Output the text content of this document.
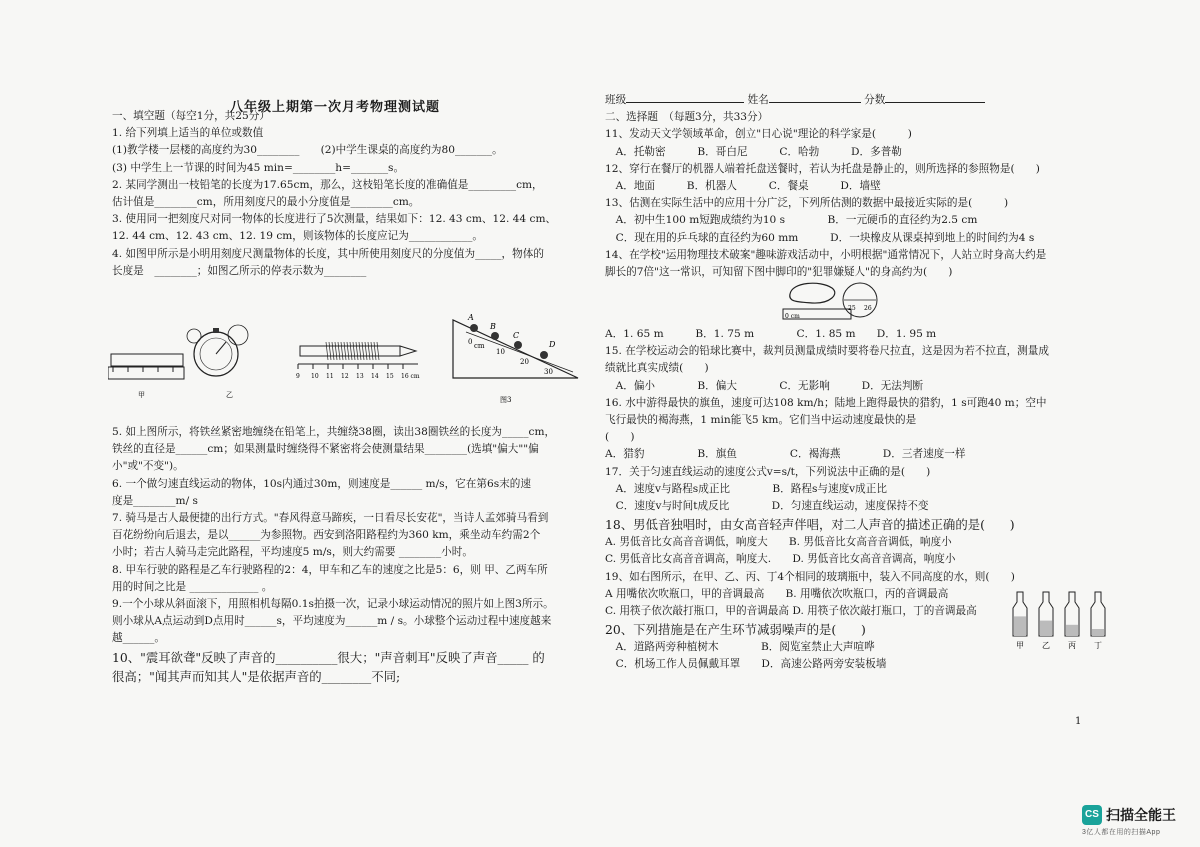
八年级上期第一次月考物理测试题
一、填空题（每空1分，共25分）
1. 给下列填上适当的单位或数值
(1)教学楼一层楼的高度约为30________　　(2)中学生课桌的高度约为80_______。
(3) 中学生上一节课的时间为45 min=________h=_______s。
2. 某同学测出一枝铅笔的长度为17.65cm，那么，这枝铅笔长度的准确值是_________cm，
估计值是________cm，所用刻度尺的最小分度值是________cm。
3. 使用同一把刻度尺对同一物体的长度进行了5次测量，结果如下：12. 43 cm、12. 44 cm、
12. 44 cm、12. 43 cm、12. 19 cm，则该物体的长度应记为____________。
4. 如图甲所示是小明用刻度尺测量物体的长度，其中所使用刻度尺的分度值为_____，物体的
长度是　________；如图乙所示的停表示数为________
甲	乙
9 10 11 12 13 14 15 16 cm
A
B
C
D
0 cm
10
20
30
图3
5. 如上图所示，将铁丝紧密地缠绕在铅笔上，共缠绕38圈，读出38圈铁丝的长度为_____cm，
铁丝的直径是______cm；如果测量时缠绕得不紧密将会使测量结果________(选填"偏大""偏
小"或"不变")。
6. 一个做匀速直线运动的物体，10s内通过30m，则速度是______ m/s，它在第6s末的速
度是________m/ s
7. 骑马是古人最便捷的出行方式。"春风得意马蹄疾，一日看尽长安花"，当诗人孟郊骑马看到
百花纷纷向后退去，是以______为参照物。西安到洛阳路程约为360 km，乘坐动车约需2个
小时；若古人骑马走完此路程，平均速度5 m/s，则大约需要 ________小时。
8. 甲车行驶的路程是乙车行驶路程的2：4，甲车和乙车的速度之比是5：6，则 甲、乙两车所
用的时间之比是 _____________ 。
9.一个小球从斜面滚下，用照相机每隔0.1s拍摄一次，记录小球运动情况的照片如上图3所示。
则小球从A点运动到D点用时______s，平均速度为______m / s。小球整个运动过程中速度越来
越______。
10、"震耳欲聋"反映了声音的__________很大；"声音刺耳"反映了声音_____ 的
很高；"闻其声而知其人"是依据声音的________不同;
班级	姓名	分数
二、选择题　（每题3分，共33分）
11、发动天文学领域革命，创立"日心说"理论的科学家是(　　　)
　A．托勒密　　　B．哥白尼　　　C．哈勃　　　D．多普勒
12、穿行在餐厅的机器人端着托盘送餐时，若认为托盘是静止的，则所选择的参照物是(　　)
　A．地面　　　B．机器人　　　C．餐桌　　　D．墙壁
13、估测在实际生活中的应用十分广泛，下列所估测的数据中最接近实际的是(　　　)
　A．初中生100 m短跑成绩约为10 s　　　　B．一元硬币的直径约为2.5 cm
　C．现在用的乒乓球的直径约为60 mm　　　D．一块橡皮从课桌掉到地上的时间约为4 s
14、在学校"运用物理技术破案"趣味游戏活动中，小明根据"通常情况下，人站立时身高大约是
脚长的7倍"这一常识，可知留下图中脚印的"犯罪嫌疑人"的身高约为(　　)
0 cm
25 26
A．1. 65 m　　　B．1. 75 m　　　　C．1. 85 m　　D．1. 95 m
15. 在学校运动会的铅球比赛中，裁判员测量成绩时要将卷尺拉直，这是因为若不拉直，测量成
绩就比真实成绩(　　)
　A．偏小　　　　B．偏大　　　　C．无影响　　　D．无法判断
16. 水中游得最快的旗鱼，速度可达108 km/h；陆地上跑得最快的猎豹，1 s可跑40 m；空中
飞行最快的褐海燕，1 min能飞5 km。它们当中运动速度最快的是
(　　)
A．猎豹　　　　　B．旗鱼　　　　　C．褐海燕　　　　D．三者速度一样
17．关于匀速直线运动的速度公式v=s/t，下列说法中正确的是(　　)
　A．速度v与路程s成正比　　　　B．路程s与速度v成正比
　C．速度v与时间t成反比　　　　D．匀速直线运动，速度保持不变
18、男低音独唱时，由女高音轻声伴唱，对二人声音的描述正确的是(　　)
A. 男低音比女高音音调低，响度大　　B. 男低音比女高音音调低，响度小
C. 男低音比女高音音调高，响度大.　　D. 男低音比女高音音调高，响度小
19、如右图所示，在甲、乙、丙、丁4个相同的玻璃瓶中，装入不同高度的水，则(　　)
A 用嘴依次吹瓶口，甲的音调最高　　B. 用嘴依次吹瓶口，丙的音调最高
C. 用筷子依次敲打瓶口，甲的音调最高 D. 用筷子依次敲打瓶口，丁的音调最高
20、下列措施是在产生环节减弱噪声的是(　　)
　A．道路两旁种植树木　　　　B．阅览室禁止大声喧哗
　C．机场工作人员佩戴耳罩　　D．高速公路两旁安装板墙
甲 乙 丙 丁
1
CS 扫描全能王
3亿人都在用的扫描App
